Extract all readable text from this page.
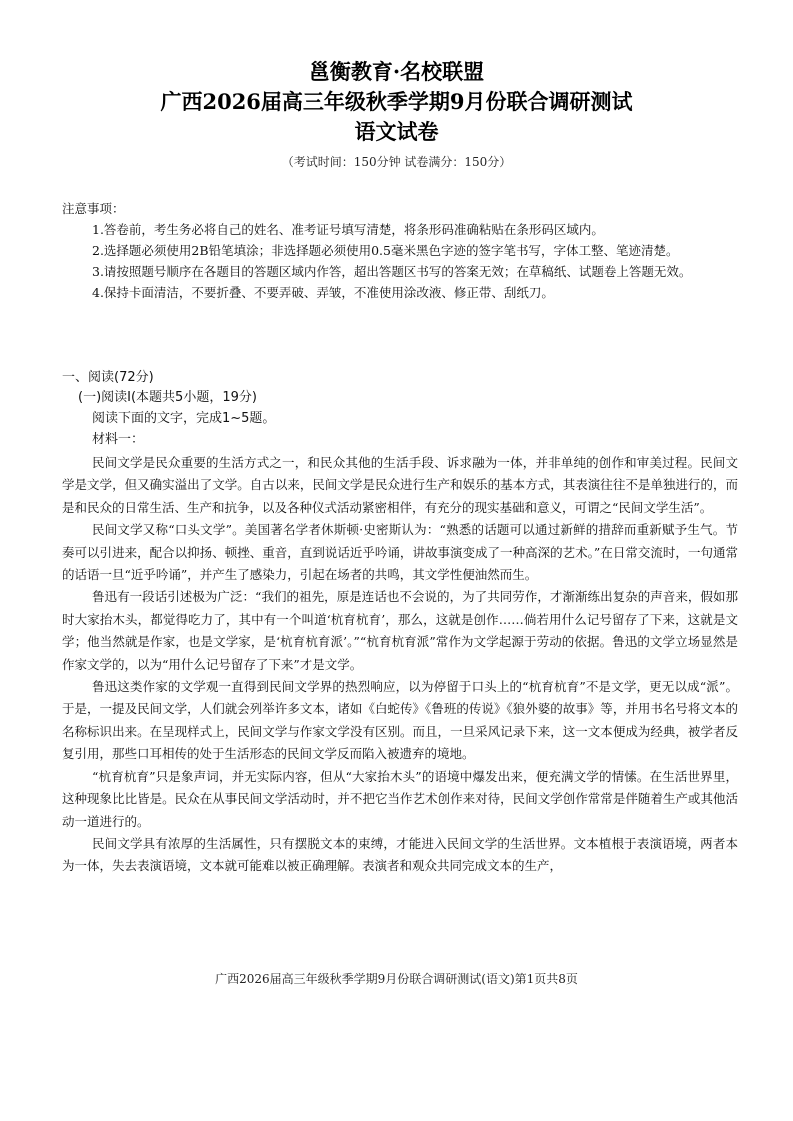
邕衡教育·名校联盟
广西2026届高三年级秋季学期9月份联合调研测试
语文试卷
（考试时间：150分钟 试卷满分：150分）
注意事项：

1.答卷前，考生务必将自己的姓名、准考证号填写清楚，将条形码准确粘贴在条形码区域内。

2.选择题必须使用2B铅笔填涂；非选择题必须使用0.5毫米黑色字迹的签字笔书写，字体工整、笔迹清楚。

3.请按照题号顺序在各题目的答题区域内作答，超出答题区书写的答案无效；在草稿纸、试题卷上答题无效。

4.保持卡面清洁，不要折叠、不要弄破、弄皱，不准使用涂改液、修正带、刮纸刀。

一、阅读(72分)
(一)阅读Ⅰ(本题共5小题，19分)
阅读下面的文字，完成1~5题。
材料一：

民间文学是民众重要的生活方式之一，和民众其他的生活手段、诉求融为一体，并非单纯的创作和审美过程。民间文学是文学，但又确实溢出了文学。自古以来，民间文学是民众进行生产和娱乐的基本方式，其表演往往不是单独进行的，而是和民众的日常生活、生产和抗争，以及各种仪式活动紧密相伴，有充分的现实基础和意义，可谓之“民间文学生活”。

民间文学又称“口头文学”。美国著名学者休斯顿·史密斯认为：“熟悉的话题可以通过新鲜的措辞而重新赋予生气。节奏可以引进来，配合以抑扬、顿挫、重音，直到说话近乎吟诵，讲故事演变成了一种高深的艺术。”在日常交流时，一句通常的话语一旦“近乎吟诵”，并产生了感染力，引起在场者的共鸣，其文学性便油然而生。

鲁迅有一段话引述极为广泛：“我们的祖先，原是连话也不会说的，为了共同劳作，才渐渐练出复杂的声音来，假如那时大家抬木头，都觉得吃力了，其中有一个叫道‘杭育杭育’，那么，这就是创作……倘若用什么记号留存了下来，这就是文学；他当然就是作家，也是文学家，是‘杭育杭育派’。”“杭育杭育派”常作为文学起源于劳动的依据。鲁迅的文学立场显然是作家文学的，以为“用什么记号留存了下来”才是文学。

鲁迅这类作家的文学观一直得到民间文学界的热烈响应，以为停留于口头上的“杭育杭育”不是文学，更无以成“派”。于是，一提及民间文学，人们就会列举许多文本，诸如《白蛇传》《鲁班的传说》《狼外婆的故事》等，并用书名号将文本的名称标识出来。在呈现样式上，民间文学与作家文学没有区别。而且，一旦采风记录下来，这一文本便成为经典，被学者反复引用，那些口耳相传的处于生活形态的民间文学反而陷入被遗弃的境地。

“杭育杭育”只是象声词，并无实际内容，但从“大家抬木头”的语境中爆发出来，便充满文学的情愫。在生活世界里，这种现象比比皆是。民众在从事民间文学活动时，并不把它当作艺术创作来对待，民间文学创作常常是伴随着生产或其他活动一道进行的。

民间文学具有浓厚的生活属性，只有摆脱文本的束缚，才能进入民间文学的生活世界。文本植根于表演语境，两者本为一体，失去表演语境，文本就可能难以被正确理解。表演者和观众共同完成文本的生产，

广西2026届高三年级秋季学期9月份联合调研测试(语文)第1页共8页
